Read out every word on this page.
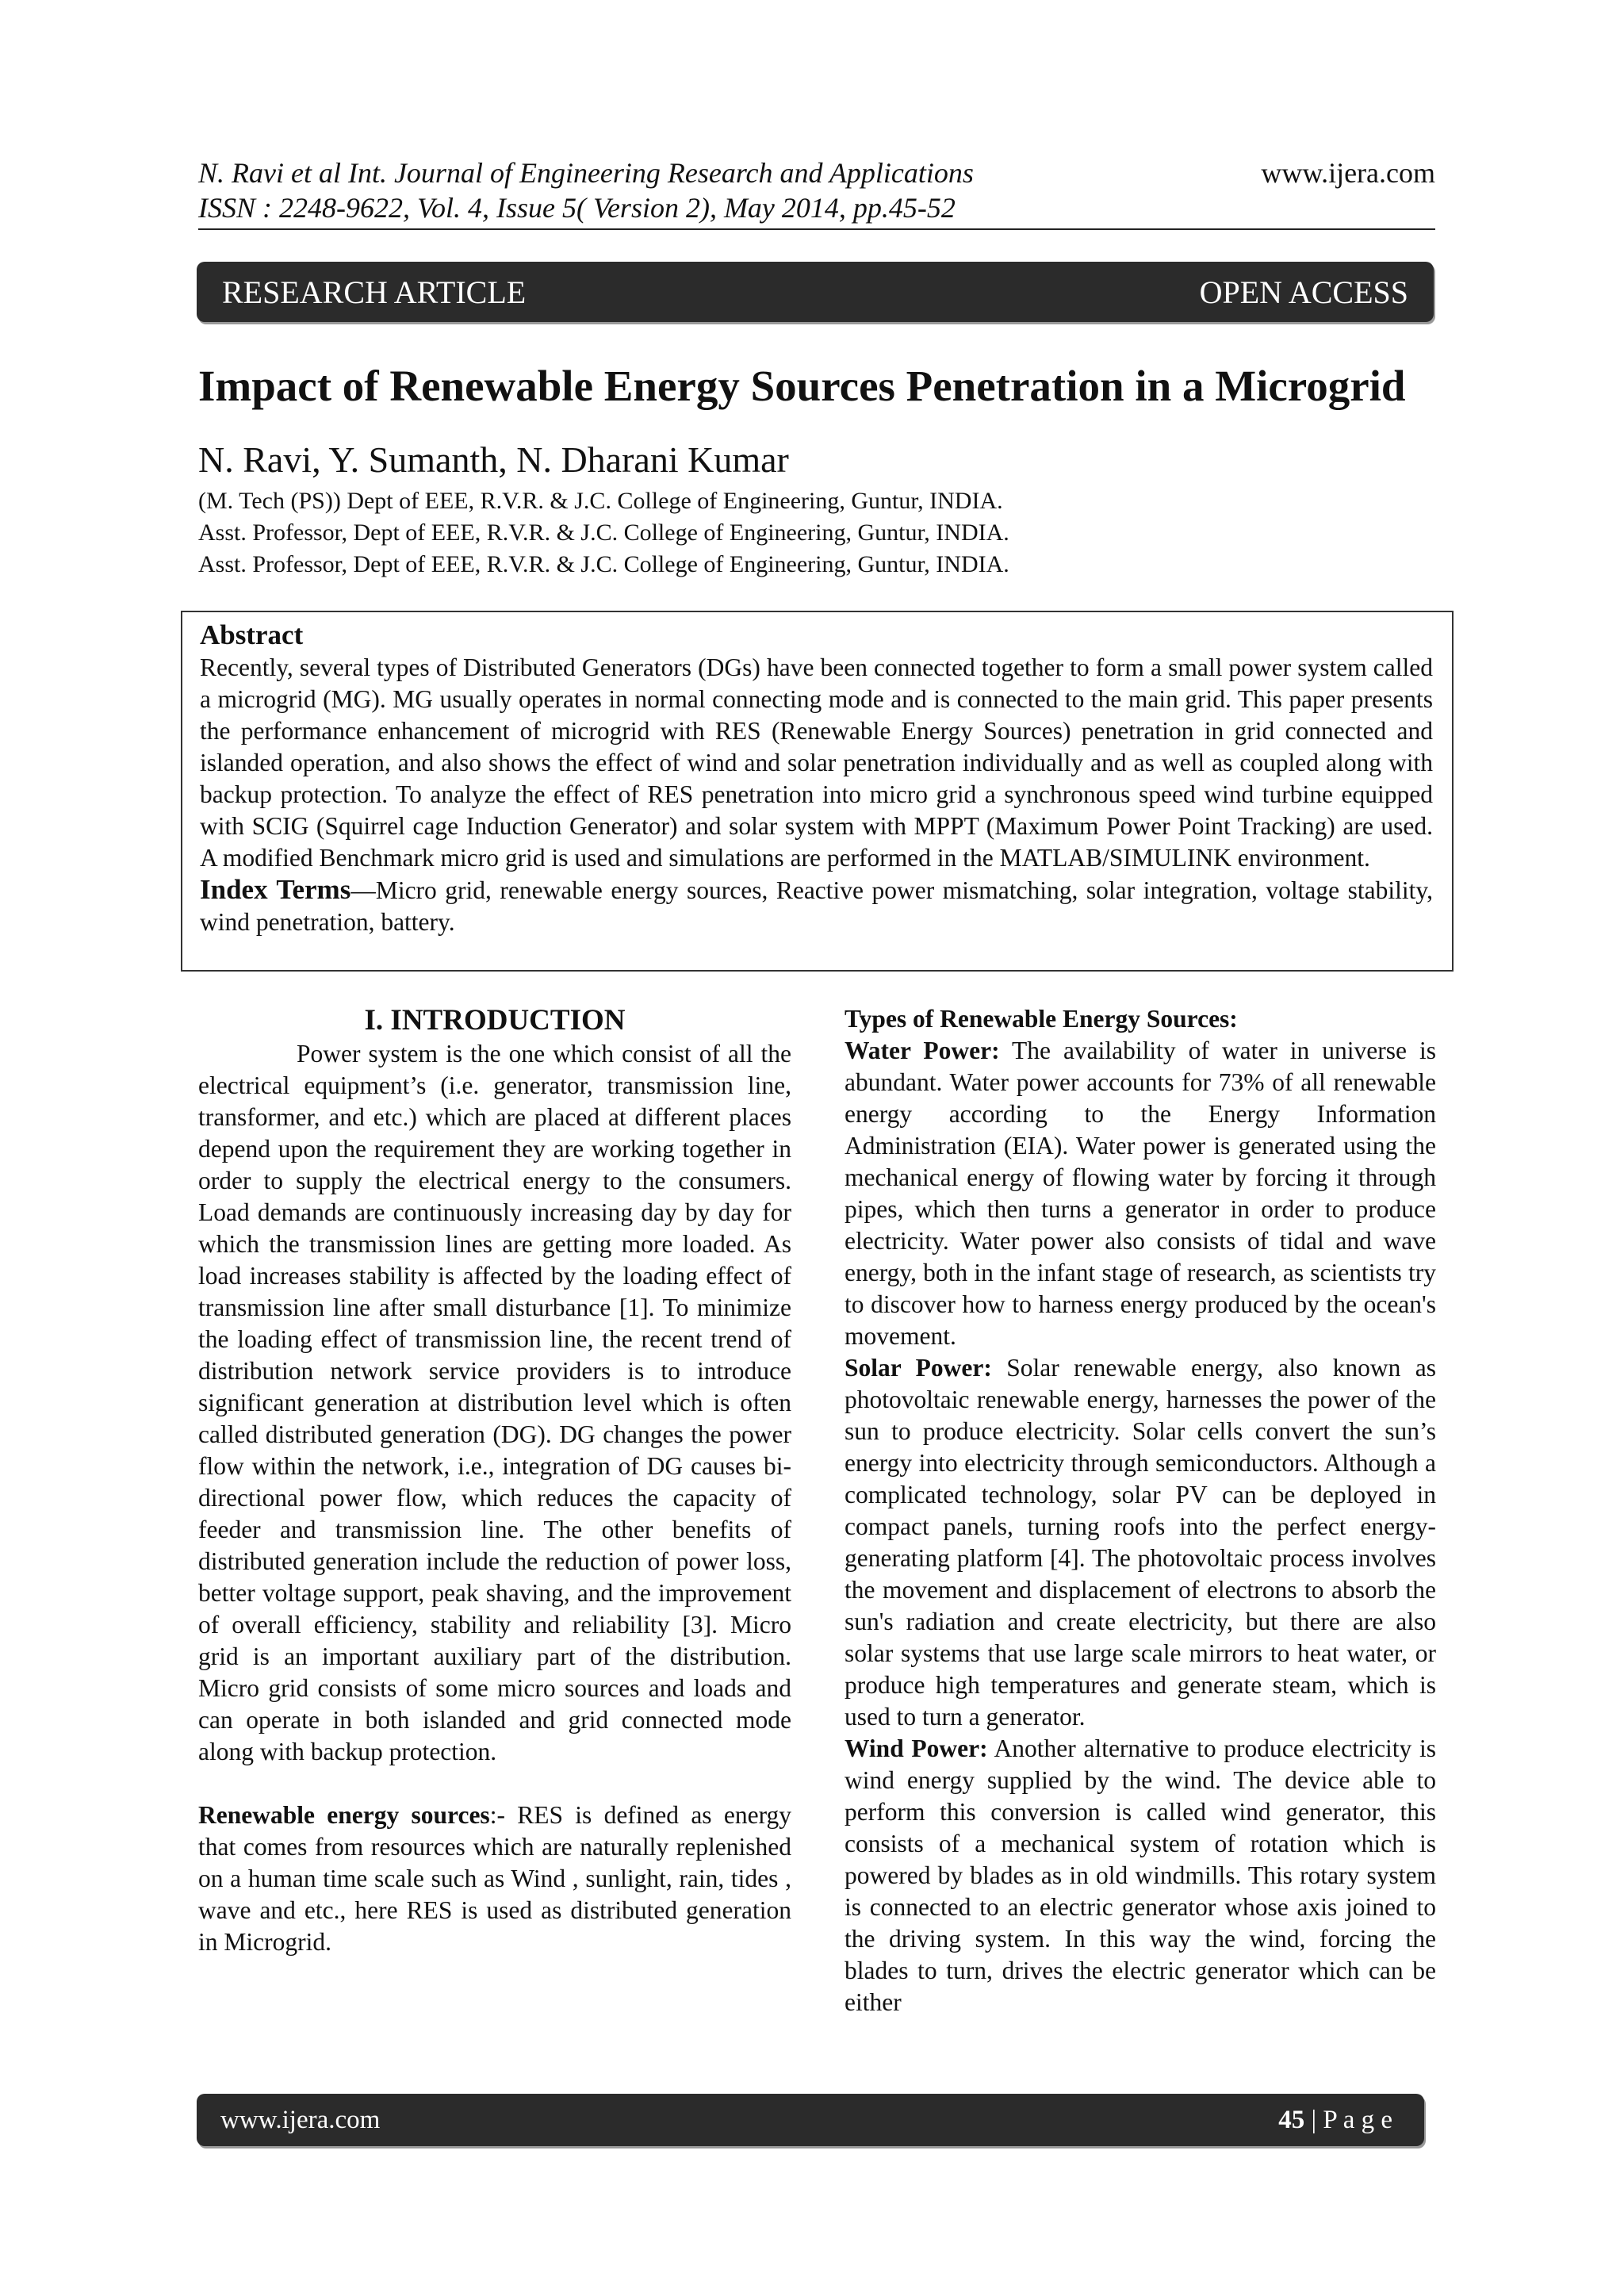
N. Ravi et al Int. Journal of Engineering Research and Applications
ISSN : 2248-9622, Vol. 4, Issue 5( Version 2), May 2014, pp.45-52
www.ijera.com
RESEARCH ARTICLE	OPEN ACCESS
Impact of Renewable Energy Sources Penetration in a Microgrid
N. Ravi, Y. Sumanth, N. Dharani Kumar
(M. Tech (PS)) Dept of EEE, R.V.R. & J.C. College of Engineering, Guntur, INDIA.
Asst. Professor, Dept of EEE, R.V.R. & J.C. College of Engineering, Guntur, INDIA.
Asst. Professor, Dept of EEE, R.V.R. & J.C. College of Engineering, Guntur, INDIA.
Abstract
Recently, several types of Distributed Generators (DGs) have been connected together to form a small power system called a microgrid (MG). MG usually operates in normal connecting mode and is connected to the main grid. This paper presents the performance enhancement of microgrid with RES (Renewable Energy Sources) penetration in grid connected and islanded operation, and also shows the effect of wind and solar penetration individually and as well as coupled along with backup protection. To analyze the effect of RES penetration into micro grid a synchronous speed wind turbine equipped with SCIG (Squirrel cage Induction Generator) and solar system with MPPT (Maximum Power Point Tracking) are used. A modified Benchmark micro grid is used and simulations are performed in the MATLAB/SIMULINK environment.
Index Terms—Micro grid, renewable energy sources, Reactive power mismatching, solar integration, voltage stability, wind penetration, battery.
I. INTRODUCTION

Power system is the one which consist of all the electrical equipment’s (i.e. generator, transmission line, transformer, and etc.) which are placed at different places depend upon the requirement they are working together in order to supply the electrical energy to the consumers. Load demands are continuously increasing day by day for which the transmission lines are getting more loaded. As load increases stability is affected by the loading effect of transmission line after small disturbance [1]. To minimize the loading effect of transmission line, the recent trend of distribution network service providers is to introduce significant generation at distribution level which is often called distributed generation (DG). DG changes the power flow within the network, i.e., integration of DG causes bi-directional power flow, which reduces the capacity of feeder and transmission line. The other benefits of distributed generation include the reduction of power loss, better voltage support, peak shaving, and the improvement of overall efficiency, stability and reliability [3]. Micro grid is an important auxiliary part of the distribution. Micro grid consists of some micro sources and loads and can operate in both islanded and grid connected mode along with backup protection.

Renewable energy sources:- RES is defined as energy that comes from resources which are naturally replenished on a human time scale such as Wind , sunlight, rain, tides , wave and etc., here RES is used as distributed generation in Microgrid.

Types of Renewable Energy Sources:

Water Power: The availability of water in universe is abundant. Water power accounts for 73% of all renewable energy according to the Energy Information Administration (EIA). Water power is generated using the mechanical energy of flowing water by forcing it through pipes, which then turns a generator in order to produce electricity. Water power also consists of tidal and wave energy, both in the infant stage of research, as scientists try to discover how to harness energy produced by the ocean's movement.

Solar Power: Solar renewable energy, also known as photovoltaic renewable energy, harnesses the power of the sun to produce electricity. Solar cells convert the sun’s energy into electricity through semiconductors. Although a complicated technology, solar PV can be deployed in compact panels, turning roofs into the perfect energy-generating platform [4]. The photovoltaic process involves the movement and displacement of electrons to absorb the sun's radiation and create electricity, but there are also solar systems that use large scale mirrors to heat water, or produce high temperatures and generate steam, which is used to turn a generator.

Wind Power: Another alternative to produce electricity is wind energy supplied by the wind. The device able to perform this conversion is called wind generator, this consists of a mechanical system of rotation which is powered by blades as in old windmills. This rotary system is connected to an electric generator whose axis joined to the driving system. In this way the wind, forcing the blades to turn, drives the electric generator which can be either

www.ijera.com	45 | P a g e
